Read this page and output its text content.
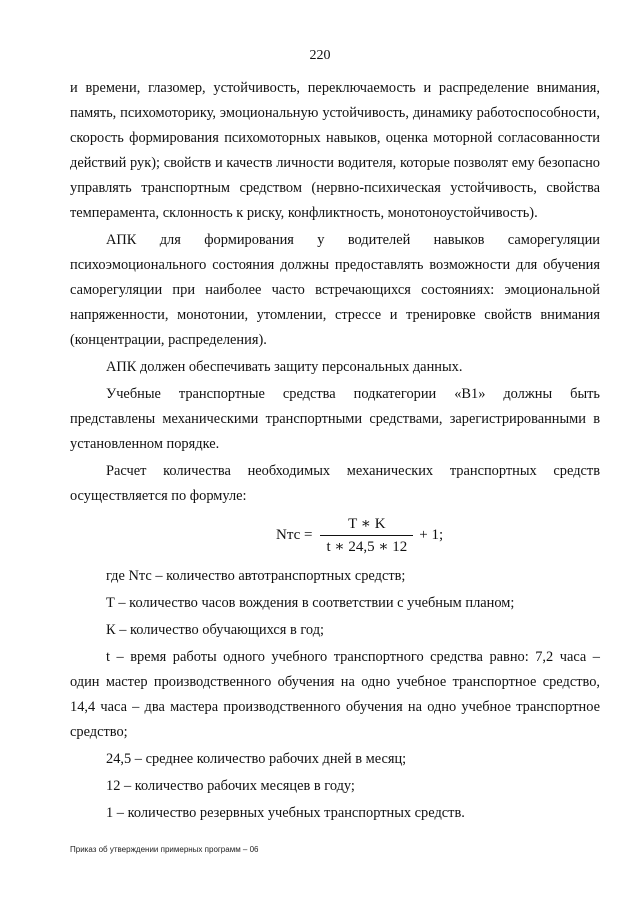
220

и времени, глазомер, устойчивость, переключаемость и распределение внимания, память, психомоторику, эмоциональную устойчивость, динамику работоспособности, скорость формирования психомоторных навыков, оценка моторной согласованности действий рук); свойств и качеств личности водителя, которые позволят ему безопасно управлять транспортным средством (нервно-психическая устойчивость, свойства темперамента, склонность к риску, конфликтность, монотоноустойчивость).

АПК для формирования у водителей навыков саморегуляции психоэмоционального состояния должны предоставлять возможности для обучения саморегуляции при наиболее часто встречающихся состояниях: эмоциональной напряженности, монотонии, утомлении, стрессе и тренировке свойств внимания (концентрации, распределения).

АПК должен обеспечивать защиту персональных данных.

Учебные транспортные средства подкатегории «В1» должны быть представлены механическими транспортными средствами, зарегистрированными в установленном порядке.

Расчет количества необходимых механических транспортных средств осуществляется по формуле:

Nтс = $\frac{T ∗ K}{t ∗ 24,5 ∗ 12} + 1$;

где Nтс – количество автотранспортных средств;

Т – количество часов вождения в соответствии с учебным планом;

К – количество обучающихся в год;

t – время работы одного учебного транспортного средства равно: 7,2 часа – один мастер производственного обучения на одно учебное транспортное средство, 14,4 часа – два мастера производственного обучения на одно учебное транспортное средство;

24,5 – среднее количество рабочих дней в месяц;

12 – количество рабочих месяцев в году;

1 – количество резервных учебных транспортных средств.

Приказ об утверждении примерных программ – 06
